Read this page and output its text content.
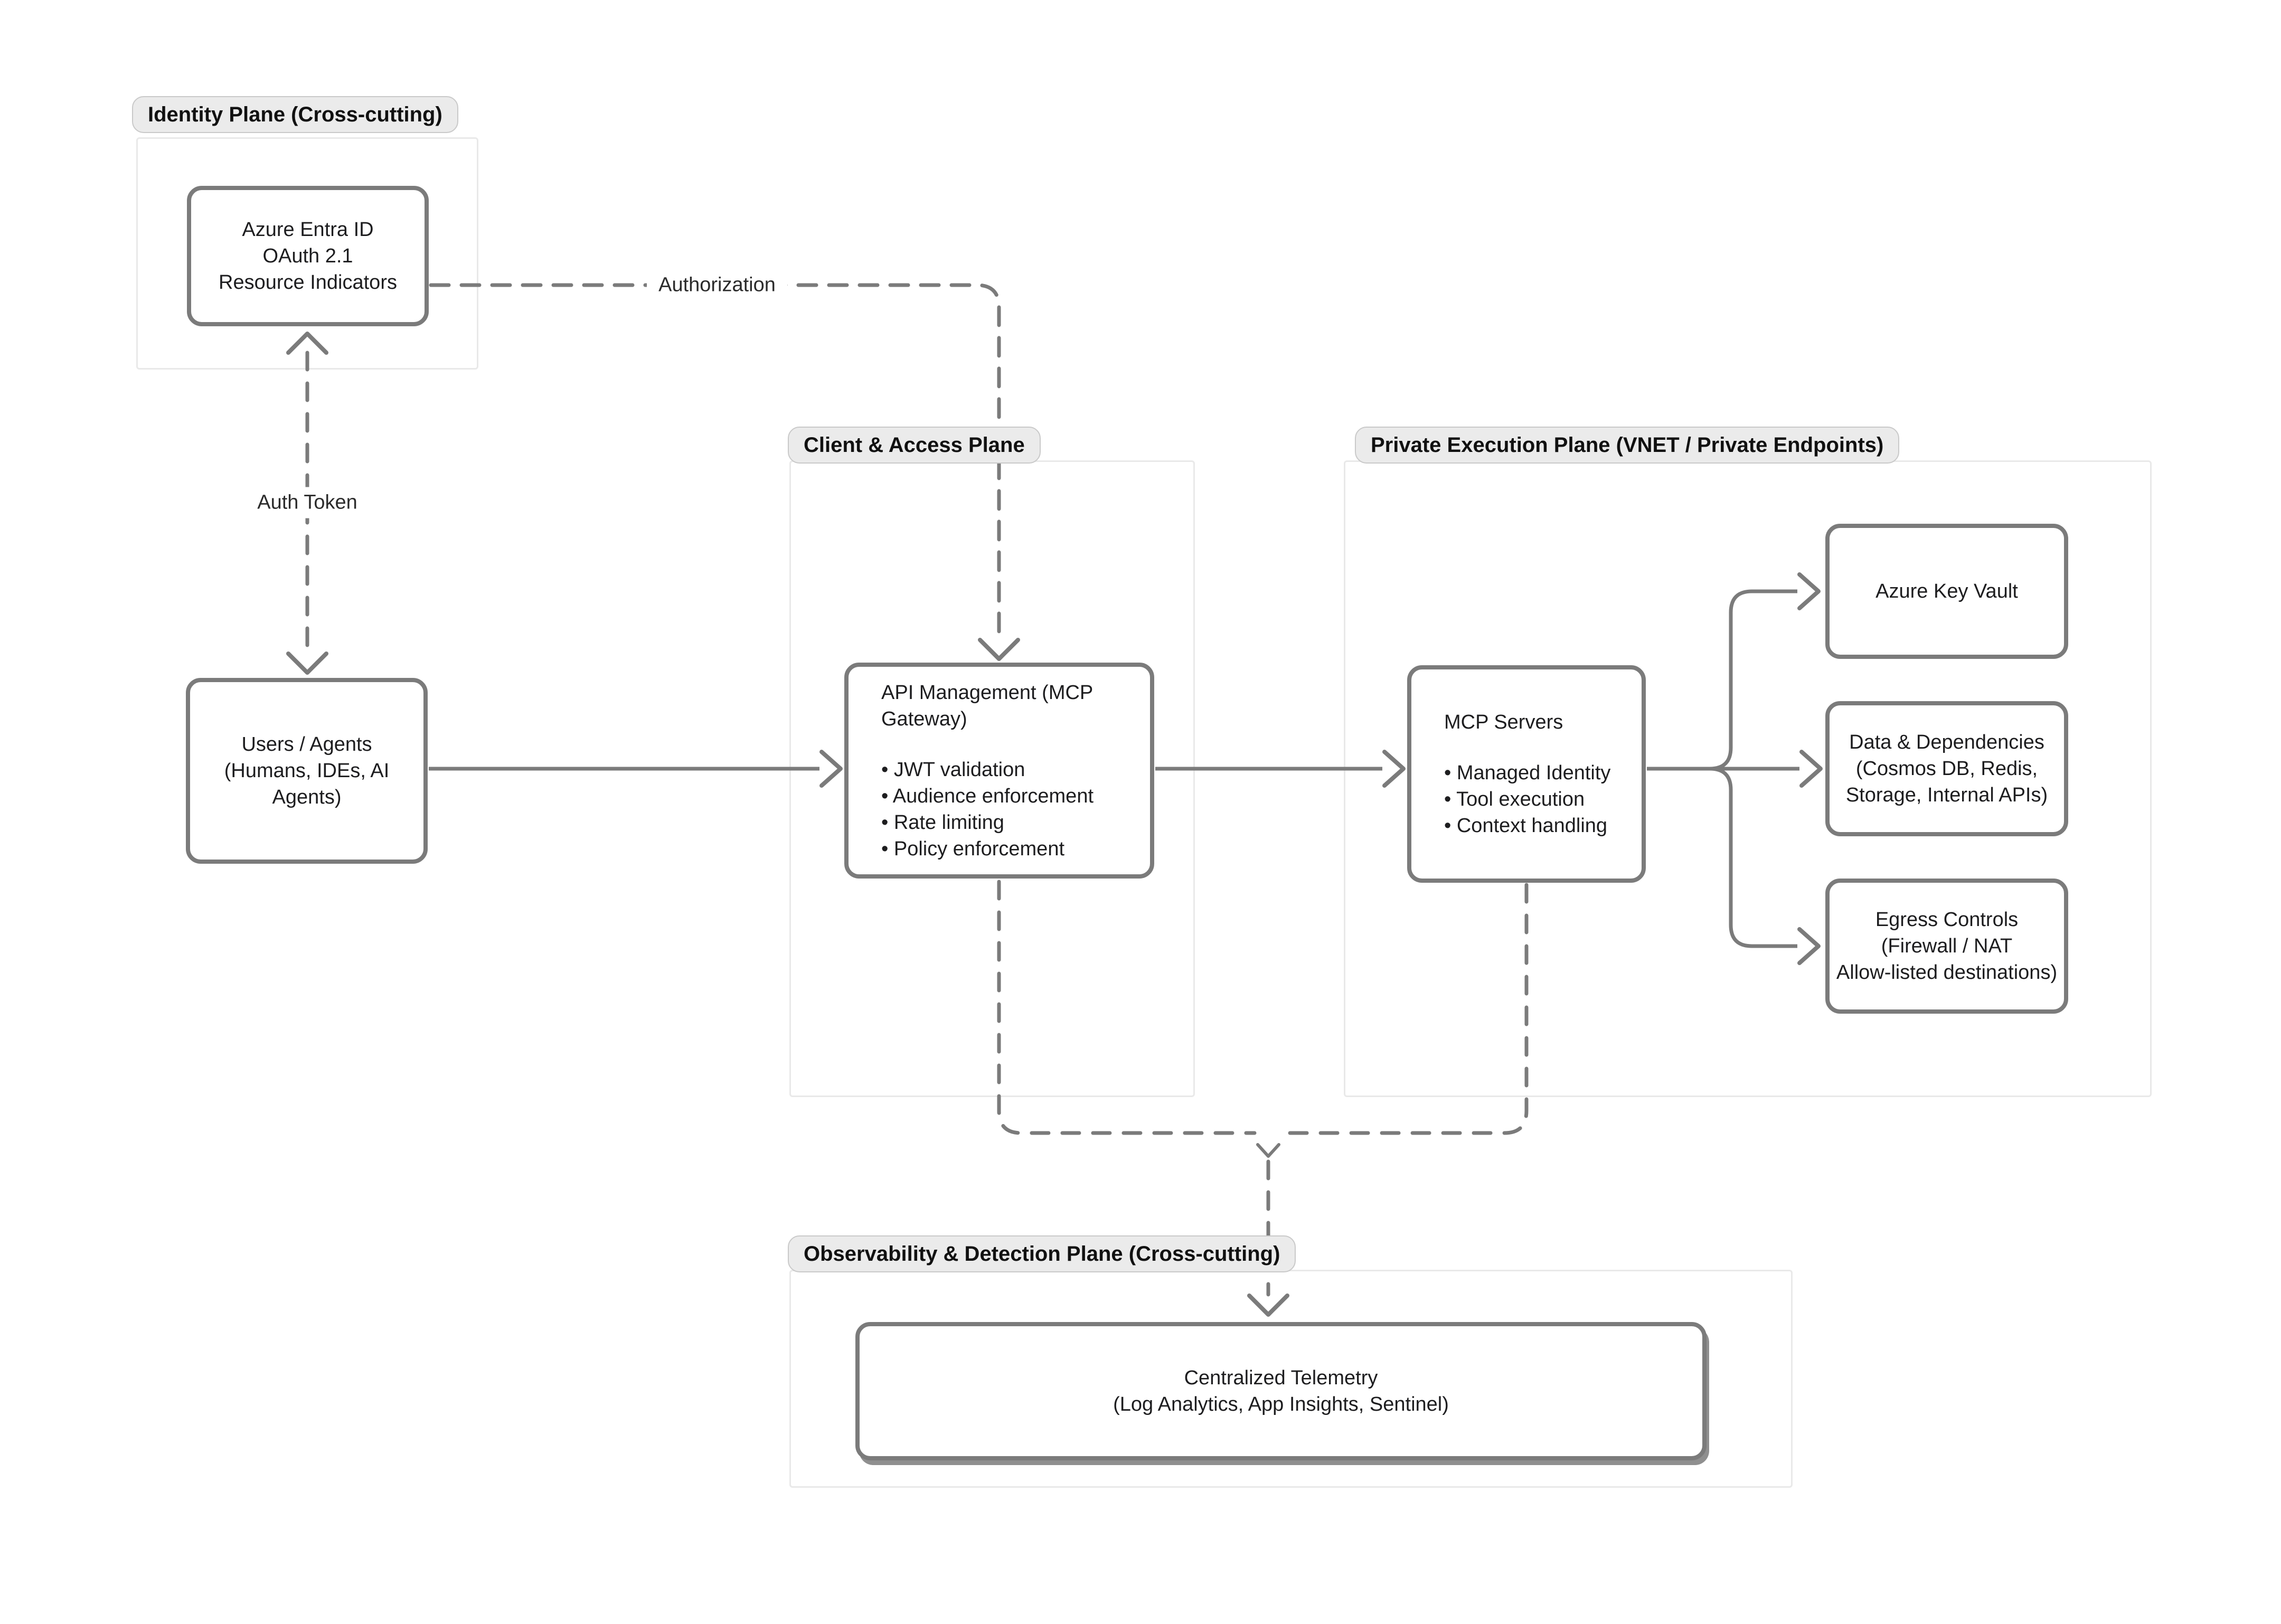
Identity Plane (Cross-cutting)
Client & Access Plane	Private Execution Plane (VNET / Private Endpoints)
Observability & Detection Plane (Cross-cutting)
Auth Token
Authorization
Azure Entra ID
OAuth 2.1
Resource Indicators
Users / Agents
(Humans, IDEs, AI
Agents)
API Management (MCP Gateway)
• JWT validation
• Audience enforcement
• Rate limiting
• Policy enforcement
MCP Servers
• Managed Identity
• Tool execution
• Context handling
Azure Key Vault
Data & Dependencies
(Cosmos DB, Redis,
Storage, Internal APIs)
Egress Controls
(Firewall / NAT
Allow-listed destinations)
Centralized Telemetry
(Log Analytics, App Insights, Sentinel)
